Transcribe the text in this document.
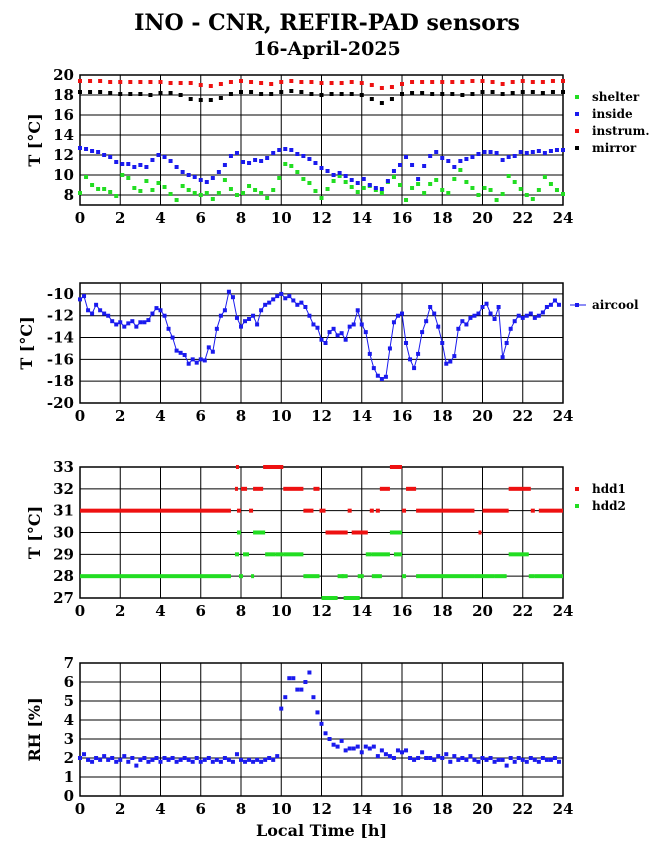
INO - CNR, REFIR-PAD sensors
16-April-2025
0 2 4 6 8 10 12 14 16 18 20 22 24
8
10
12
14
16
18
20
T [°C]
shelter
inside
instrum.
mirror
0 2 4 6 8 10 12 14 16 18 20 22 24
-20
-18
-16
-14
-12
-10
T [°C]
aircool
0 2 4 6 8 10 12 14 16 18 20 22 24
27
28
29
30
31
32
33
T [°C]
hdd1
hdd2
0 2 4 6 8 10 12 14 16 18 20 22 24
0
1
2
3
4
5
6
7
RH [%]
Local Time [h]
